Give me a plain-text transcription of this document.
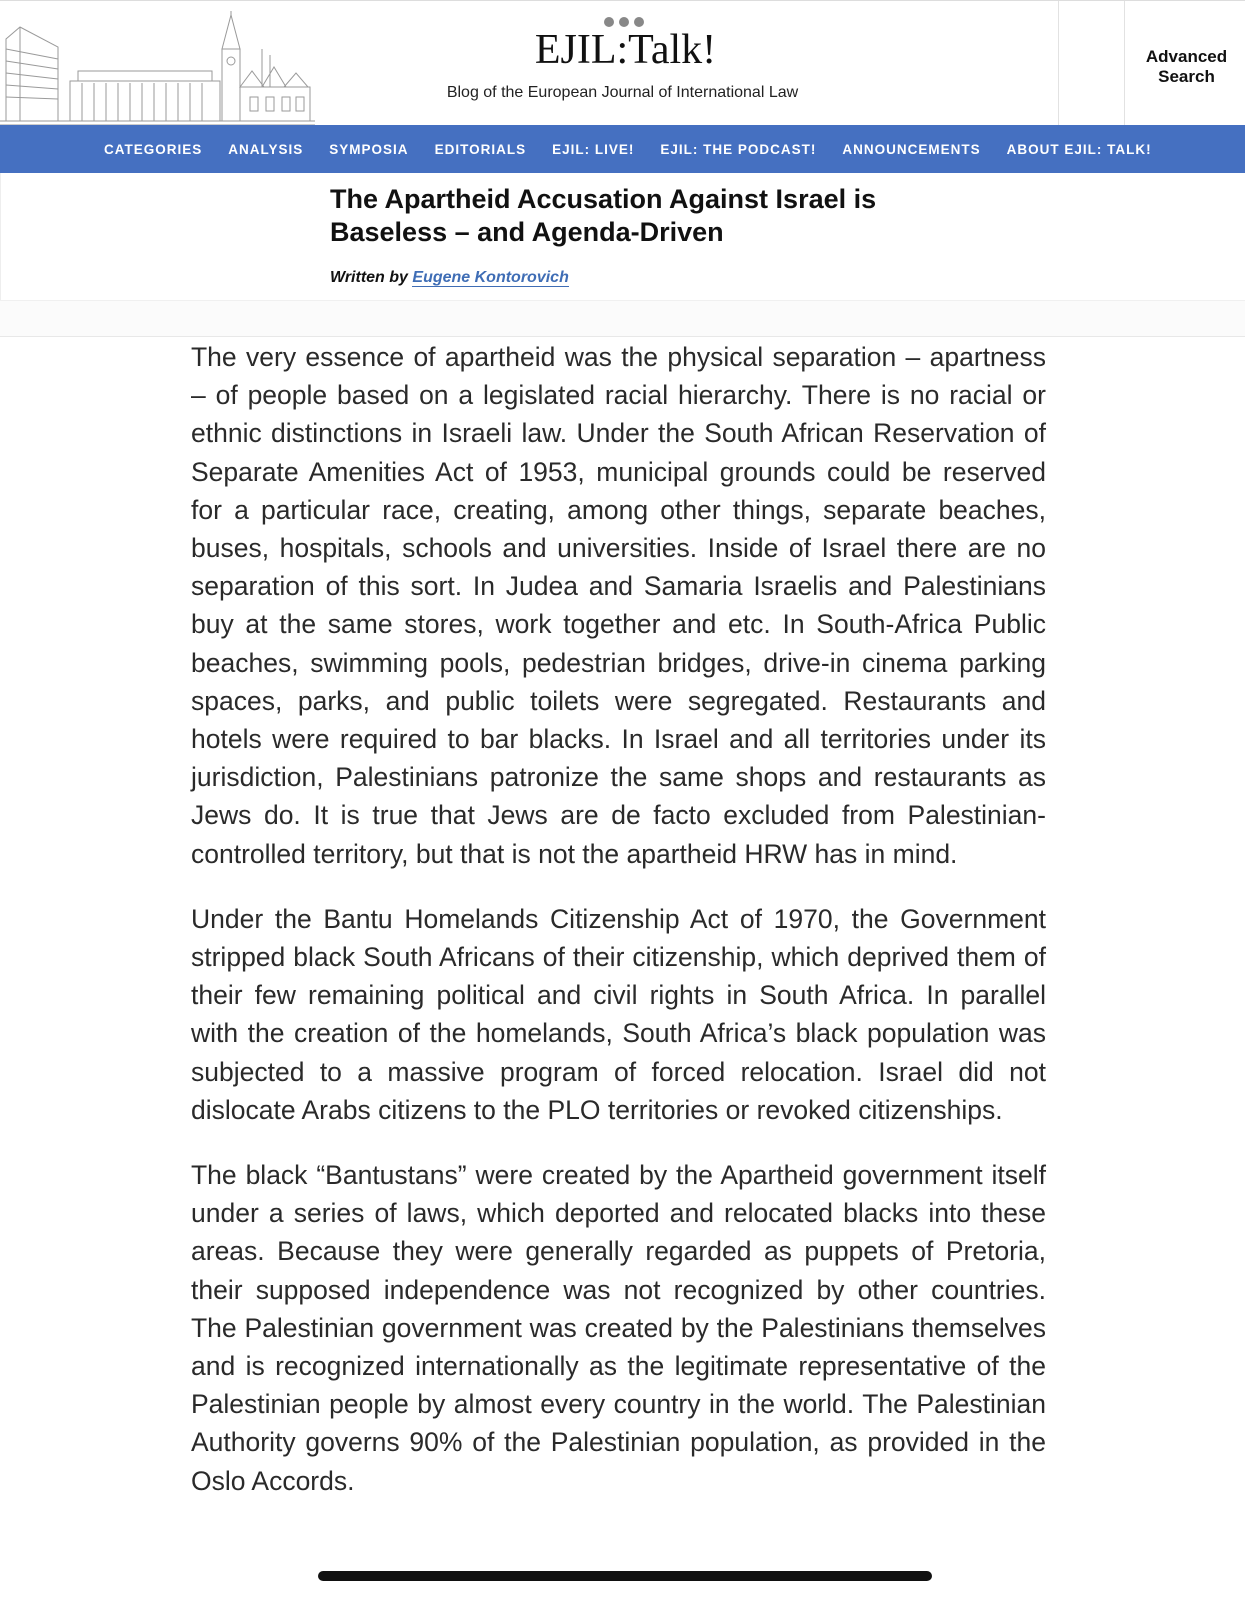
EJIL:Talk!
Blog of the European Journal of International Law
Advanced
Search
CATEGORIES ANALYSIS SYMPOSIA EDITORIALS EJIL: LIVE! EJIL: THE PODCAST! ANNOUNCEMENTS ABOUT EJIL: TALK!
The Apartheid Accusation Against Israel is Baseless – and Agenda-Driven
Written by Eugene Kontorovich

The very essence of apartheid was the physical separation – apartness – of people based on a legislated racial hierarchy. There is no racial or ethnic distinctions in Israeli law. Under the South African Reservation of Separate Amenities Act of 1953, municipal grounds could be reserved for a particular race, creating, among other things, separate beaches, buses, hospitals, schools and universities. Inside of Israel there are no separation of this sort. In Judea and Samaria Israelis and Palestinians buy at the same stores, work together and etc. In South-Africa Public beaches, swimming pools, pedestrian bridges, drive-in cinema parking spaces, parks, and public toilets were segregated. Restaurants and hotels were required to bar blacks. In Israel and all territories under its jurisdiction, Palestinians patronize the same shops and restaurants as Jews do. It is true that Jews are de facto excluded from Palestinian-controlled territory, but that is not the apartheid HRW has in mind.

Under the Bantu Homelands Citizenship Act of 1970, the Government stripped black South Africans of their citizenship, which deprived them of their few remaining political and civil rights in South Africa. In parallel with the creation of the homelands, South Africa’s black population was subjected to a massive program of forced relocation. Israel did not dislocate Arabs citizens to the PLO territories or revoked citizenships.

The black “Bantustans” were created by the Apartheid government itself under a series of laws, which deported and relocated blacks into these areas. Because they were generally regarded as puppets of Pretoria, their supposed independence was not recognized by other countries. The Palestinian government was created by the Palestinians themselves and is recognized internationally as the legitimate representative of the Palestinian people by almost every country in the world. The Palestinian Authority governs 90% of the Palestinian population, as provided in the Oslo Accords.
